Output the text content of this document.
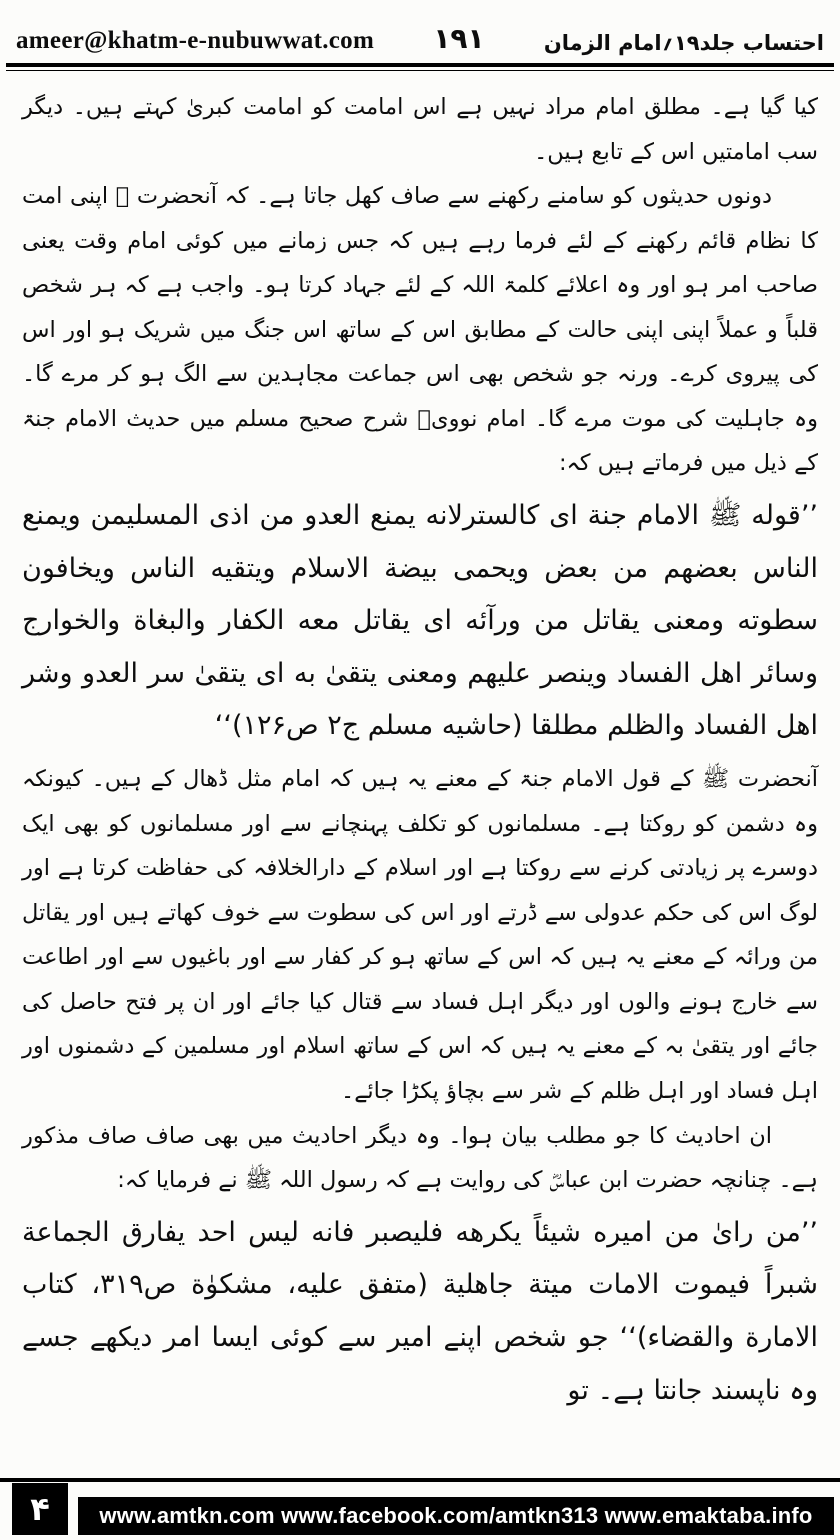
ameer@khatm-e-nubuwwat.com	۱۹۱	احتساب جلد۱۹؍امام الزمان

کیا گیا ہے۔ مطلق امام مراد نہیں ہے اس امامت کو امامت کبریٰ کہتے ہیں۔ دیگر سب امامتیں اس کے تابع ہیں۔

دونوں حدیثوں کو سامنے رکھنے سے صاف کھل جاتا ہے۔ کہ آنحضرت ﷺ اپنی امت کا نظام قائم رکھنے کے لئے فرما رہے ہیں کہ جس زمانے میں کوئی امام وقت یعنی صاحب امر ہو اور وہ اعلائے کلمۃ اللہ کے لئے جہاد کرتا ہو۔ واجب ہے کہ ہر شخص قلباً و عملاً اپنی اپنی حالت کے مطابق اس کے ساتھ اس جنگ میں شریک ہو اور اس کی پیروی کرے۔ ورنہ جو شخص بھی اس جماعت مجاہدین سے الگ ہو کر مرے گا۔ وہ جاہلیت کی موت مرے گا۔ امام نوویؒ شرح صحیح مسلم میں حدیث الامام جنۃ کے ذیل میں فرماتے ہیں کہ:

’’قوله ﷺ الامام جنة اى كالسترلانه يمنع العدو من اذى المسليمن ويمنع الناس بعضهم من بعض ويحمى بيضة الاسلام ويتقيه الناس ويخافون سطوته ومعنى يقاتل من ورآئه اى يقاتل معه الكفار والبغاة والخوارج وسائر اهل الفساد وينصر عليهم ومعنى يتقىٰ به اى يتقىٰ سر العدو وشر اهل الفساد والظلم مطلقا (حاشيه مسلم ج۲ ص۱۲۶)‘‘

آنحضرت ﷺ کے قول الامام جنۃ کے معنے یہ ہیں کہ امام مثل ڈھال کے ہیں۔ کیونکہ وہ دشمن کو روکتا ہے۔ مسلمانوں کو تکلف پہنچانے سے اور مسلمانوں کو بھی ایک دوسرے پر زیادتی کرنے سے روکتا ہے اور اسلام کے دارالخلافہ کی حفاظت کرتا ہے اور لوگ اس کی حکم عدولی سے ڈرتے اور اس کی سطوت سے خوف کھاتے ہیں اور یقاتل من ورائہ کے معنے یہ ہیں کہ اس کے ساتھ ہو کر کفار سے اور باغیوں سے اور اطاعت سے خارج ہونے والوں اور دیگر اہل فساد سے قتال کیا جائے اور ان پر فتح حاصل کی جائے اور یتقیٰ بہ کے معنے یہ ہیں کہ اس کے ساتھ اسلام اور مسلمین کے دشمنوں اور اہل فساد اور اہل ظلم کے شر سے بچاؤ پکڑا جائے۔

ان احادیث کا جو مطلب بیان ہوا۔ وہ دیگر احادیث میں بھی صاف صاف مذکور ہے۔ چنانچہ حضرت ابن عباسؓ کی روایت ہے کہ رسول اللہ ﷺ نے فرمایا کہ:

’’من راىٰ من اميره شيئاً يكرهه فليصبر فانه ليس احد يفارق الجماعة شبراً فيموت الامات ميتة جاهلية (متفق عليه، مشكوٰة ص۳۱۹، كتاب الامارة والقضاء)‘‘ جو شخص اپنے امیر سے کوئی ایسا امر دیکھے جسے وہ ناپسند جانتا ہے۔ تو

۴	www.amtkn.com www.facebook.com/amtkn313 www.emaktaba.info
